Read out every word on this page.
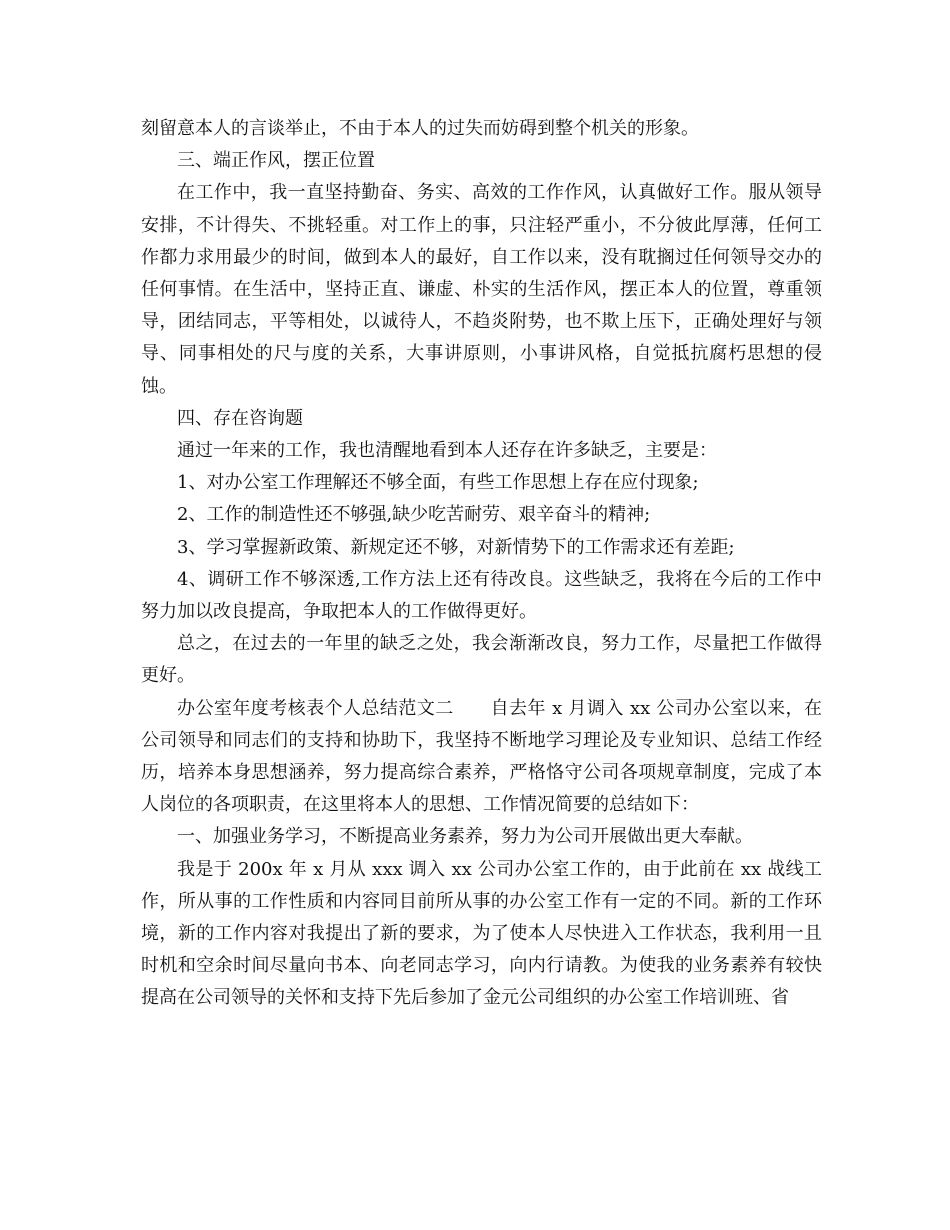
刻留意本人的言谈举止，不由于本人的过失而妨碍到整个机关的形象。

三、端正作风，摆正位置

在工作中，我一直坚持勤奋、务实、高效的工作作风，认真做好工作。服从领导安排，不计得失、不挑轻重。对工作上的事，只注轻严重小，不分彼此厚薄，任何工作都力求用最少的时间，做到本人的最好，自工作以来，没有耽搁过任何领导交办的任何事情。在生活中，坚持正直、谦虚、朴实的生活作风，摆正本人的位置，尊重领导，团结同志，平等相处，以诚待人，不趋炎附势，也不欺上压下，正确处理好与领导、同事相处的尺与度的关系，大事讲原则，小事讲风格，自觉抵抗腐朽思想的侵蚀。

四、存在咨询题

通过一年来的工作，我也清醒地看到本人还存在许多缺乏，主要是：

1、对办公室工作理解还不够全面，有些工作思想上存在应付现象;

2、工作的制造性还不够强,缺少吃苦耐劳、艰辛奋斗的精神;

3、学习掌握新政策、新规定还不够，对新情势下的工作需求还有差距;

4、调研工作不够深透,工作方法上还有待改良。这些缺乏，我将在今后的工作中努力加以改良提高，争取把本人的工作做得更好。

总之，在过去的一年里的缺乏之处，我会渐渐改良，努力工作，尽量把工作做得更好。

办公室年度考核表个人总结范文二　　自去年 x 月调入 xx 公司办公室以来，在公司领导和同志们的支持和协助下，我坚持不断地学习理论及专业知识、总结工作经历，培养本身思想涵养，努力提高综合素养，严格恪守公司各项规章制度，完成了本人岗位的各项职责，在这里将本人的思想、工作情况简要的总结如下：

一、加强业务学习，不断提高业务素养，努力为公司开展做出更大奉献。

我是于 200x 年 x 月从 xxx 调入 xx 公司办公室工作的，由于此前在 xx 战线工作，所从事的工作性质和内容同目前所从事的办公室工作有一定的不同。新的工作环境，新的工作内容对我提出了新的要求，为了使本人尽快进入工作状态，我利用一且时机和空余时间尽量向书本、向老同志学习，向内行请教。为使我的业务素养有较快提高在公司领导的关怀和支持下先后参加了金元公司组织的办公室工作培训班、省
